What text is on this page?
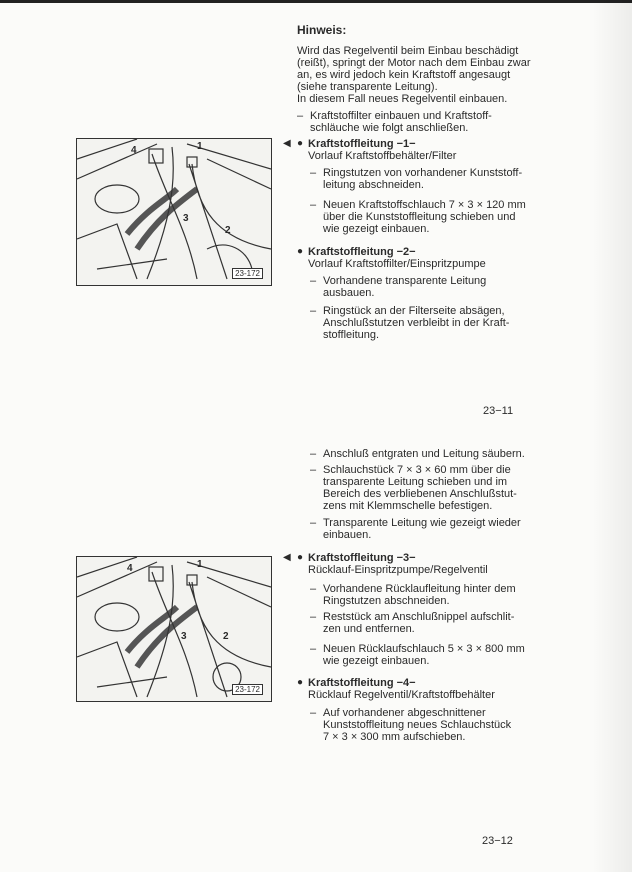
Hinweis:
Wird das Regelventil beim Einbau beschädigt
(reißt), springt der Motor nach dem Einbau zwar
an, es wird jedoch kein Kraftstoff angesaugt
(siehe transparente Leitung).
In diesem Fall neues Regelventil einbauen.
– Kraftstoffilter einbauen und Kraftstoff-
schläuche wie folgt anschließen.
◀ ● Kraftstoffleitung −1−
Vorlauf Kraftstoffbehälter/Filter
– Ringstutzen von vorhandener Kunststoff-
leitung abschneiden.
– Neuen Kraftstoffschlauch 7 × 3 × 120 mm
über die Kunststoffleitung schieben und
wie gezeigt einbauen.
● Kraftstoffleitung −2−
Vorlauf Kraftstoffilter/Einspritzpumpe
– Vorhandene transparente Leitung
ausbauen.
– Ringstück an der Filterseite absägen,
Anschlußstutzen verbleibt in der Kraft-
stoffleitung.
23−11
4	1
3
2
23-172
– Anschluß entgraten und Leitung säubern.
– Schlauchstück 7 × 3 × 60 mm über die
transparente Leitung schieben und im
Bereich des verbliebenen Anschlußstut-
zens mit Klemmschelle befestigen.
– Transparente Leitung wie gezeigt wieder
einbauen.
◀ ● Kraftstoffleitung −3−
Rücklauf-Einspritzpumpe/Regelventil
– Vorhandene Rücklaufleitung hinter dem
Ringstutzen abschneiden.
– Reststück am Anschlußnippel aufschlit-
zen und entfernen.
– Neuen Rücklaufschlauch 5 × 3 × 800 mm
wie gezeigt einbauen.
● Kraftstoffleitung −4−
Rücklauf Regelventil/Kraftstoffbehälter
– Auf vorhandener abgeschnittener
Kunststoffleitung neues Schlauchstück
7 × 3 × 300 mm aufschieben.
23−12
4	1
3	2
23-172
